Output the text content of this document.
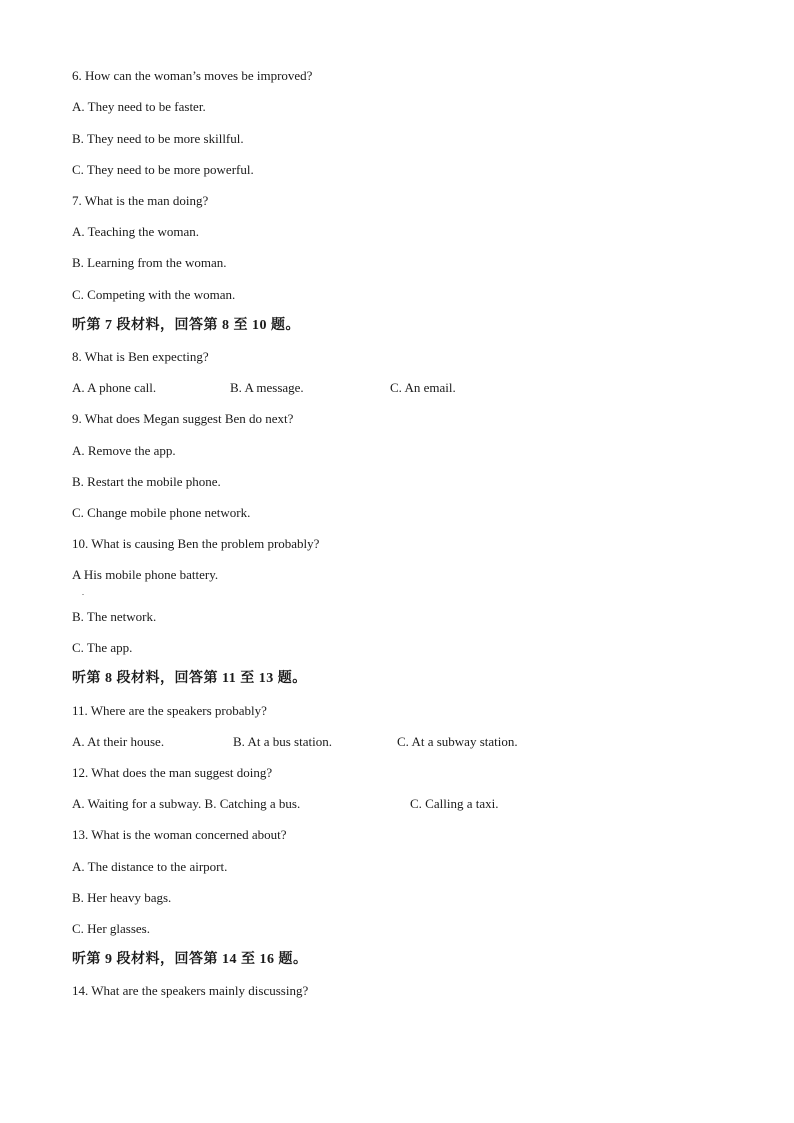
6. How can the woman’s moves be improved?
A. They need to be faster.
B. They need to be more skillful.
C. They need to be more powerful.
7. What is the man doing?
A. Teaching the woman.
B. Learning from the woman.
C. Competing with the woman.
听第 7 段材料，回答第 8 至 10 题。
8. What is Ben expecting?
A. A phone call.	B. A message.	C. An email.
9. What does Megan suggest Ben do next?
A. Remove the app.
B. Restart the mobile phone.
C. Change mobile phone network.
10. What is causing Ben the problem probably?
A His mobile phone battery.
.
B. The network.
C. The app.
听第 8 段材料，回答第 11 至 13 题。
11. Where are the speakers probably?
A. At their house.	B. At a bus station.	C. At a subway station.
12. What does the man suggest doing?
A. Waiting for a subway. B. Catching a bus.	C. Calling a taxi.
13. What is the woman concerned about?
A. The distance to the airport.
B. Her heavy bags.
C. Her glasses.
听第 9 段材料，回答第 14 至 16 题。
14. What are the speakers mainly discussing?
